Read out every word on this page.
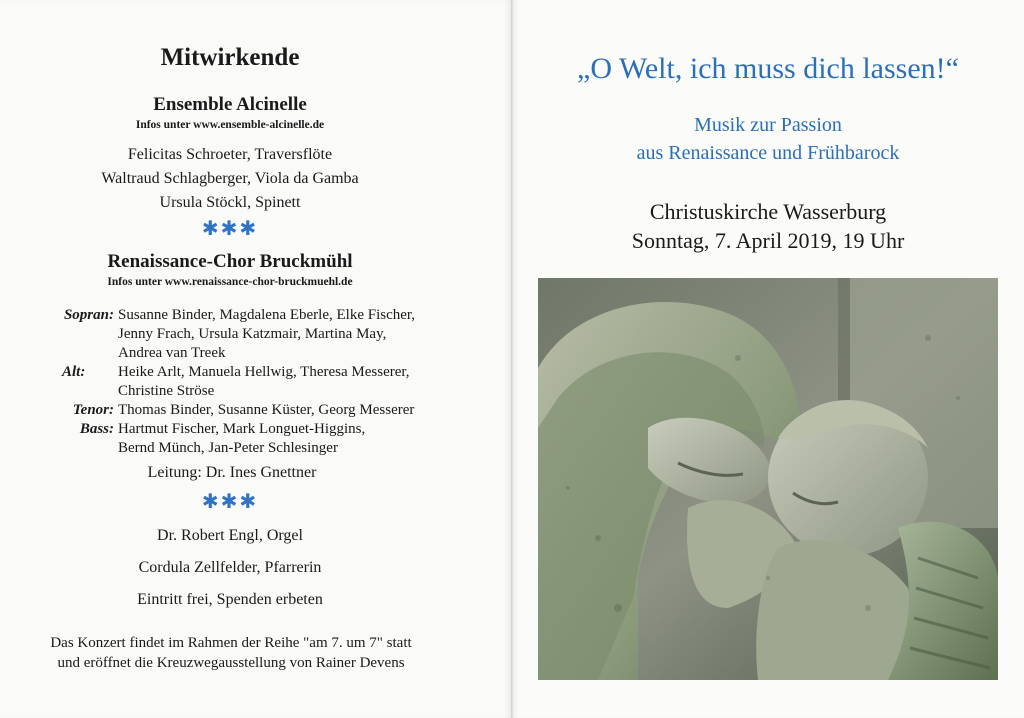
Mitwirkende
Ensemble Alcinelle
Infos unter www.ensemble-alcinelle.de
Felicitas Schroeter, Traversflöte
Waltraud Schlagberger, Viola da Gamba
Ursula Stöckl, Spinett
✱✱✱
Renaissance-Chor Bruckmühl
Infos unter www.renaissance-chor-bruckmuehl.de
Sopran: Susanne Binder, Magdalena Eberle, Elke Fischer,
Jenny Frach, Ursula Katzmair, Martina May,
Andrea van Treek
Alt:	Heike Arlt, Manuela Hellwig, Theresa Messerer,
Christine Ströse
Tenor: Thomas Binder, Susanne Küster, Georg Messerer
Bass: Hartmut Fischer, Mark Longuet-Higgins,
Bernd Münch, Jan-Peter Schlesinger
Leitung: Dr. Ines Gnettner
✱✱✱
Dr. Robert Engl, Orgel
Cordula Zellfelder, Pfarrerin
Eintritt frei, Spenden erbeten
Das Konzert findet im Rahmen der Reihe "am 7. um 7" statt
und eröffnet die Kreuzwegausstellung von Rainer Devens
„O Welt, ich muss dich lassen!“
Musik zur Passion
aus Renaissance und Frühbarock
Christuskirche Wasserburg
Sonntag, 7. April 2019, 19 Uhr
